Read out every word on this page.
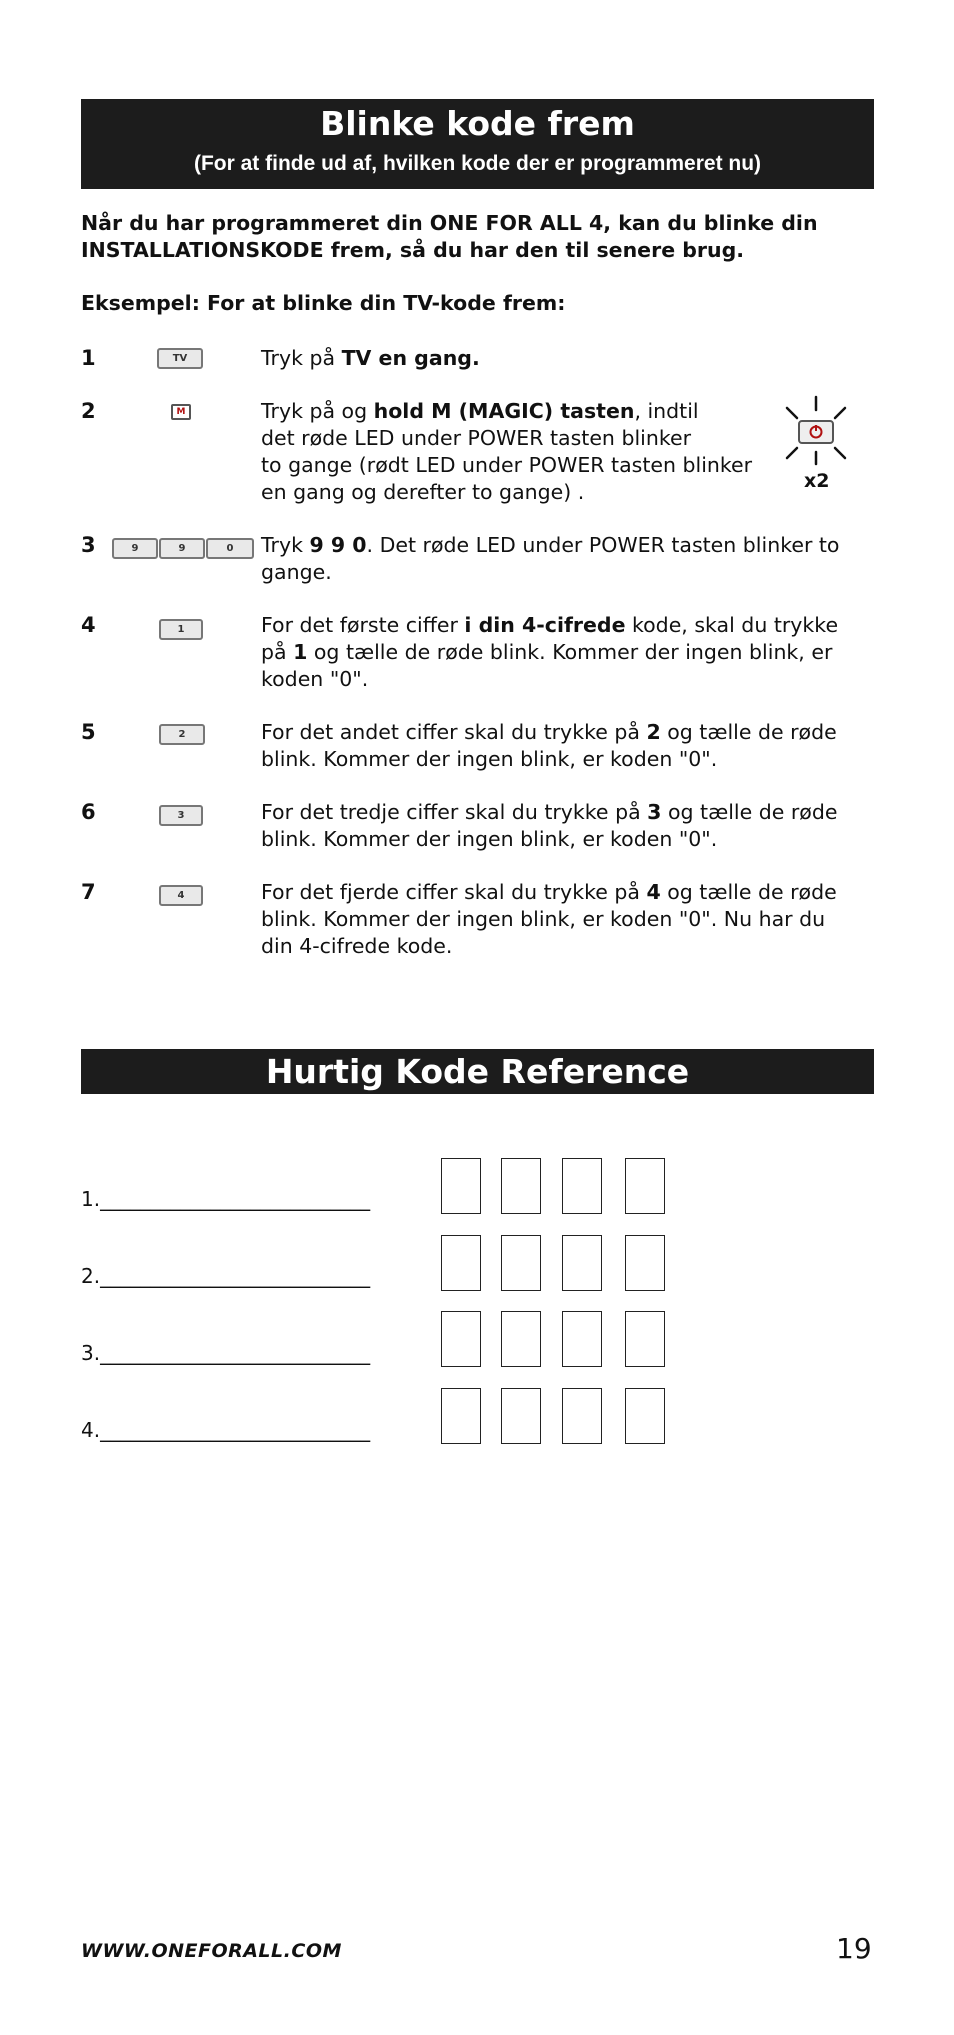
Blinke kode frem
(For at finde ud af, hvilken kode der er programmeret nu)
Når du har programmeret din ONE FOR ALL 4, kan du blinke din INSTALLATIONSKODE frem, så du har den til senere brug.
Eksempel: For at blinke din TV-kode frem:
1	TV	Tryk på TV en gang.
2	M	Tryk på og hold M (MAGIC) tasten, indtil
det røde LED under POWER tasten blinker
to gange (rødt LED under POWER tasten blinker
en gang og derefter to gange) .	x2
3	9	9	0	Tryk 9 9 0. Det røde LED under POWER tasten blinker to gange.
4	1	For det første ciffer i din 4-cifrede kode, skal du trykke
på 1 og tælle de røde blink. Kommer der ingen blink, er
koden "0".
5	2	For det andet ciffer skal du trykke på 2 og tælle de røde blink. Kommer der ingen blink, er koden "0".
6	3	For det tredje ciffer skal du trykke på 3 og tælle de røde blink. Kommer der ingen blink, er koden "0".
7	4	For det fjerde ciffer skal du trykke på 4 og tælle de røde blink. Kommer der ingen blink, er koden "0". Nu har du din 4-cifrede kode.
Hurtig Kode Reference
1.___________________________
2.___________________________
3.___________________________
4.___________________________
WWW.ONEFORALL.COM	19
